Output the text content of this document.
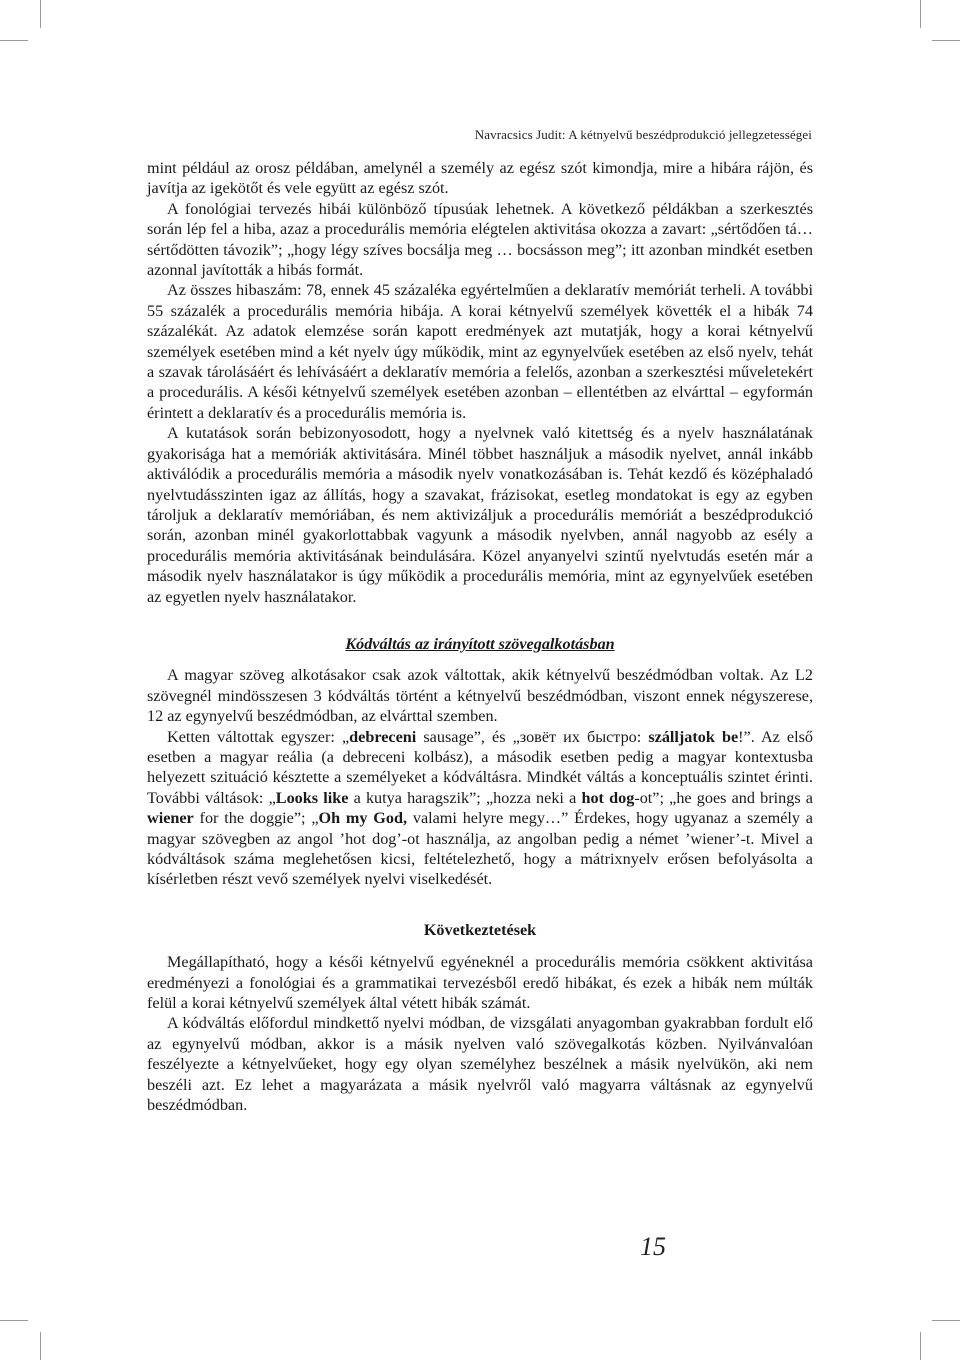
Navracsics Judit: A kétnyelvű beszédprodukció jellegzetességei

mint például az orosz példában, amelynél a személy az egész szót kimondja, mire a hibára rájön, és javítja az igekötőt és vele együtt az egész szót.

A fonológiai tervezés hibái különböző típusúak lehetnek. A következő példákban a szerkesztés során lép fel a hiba, azaz a procedurális memória elégtelen aktivitása okozza a zavart: „sértődően tá… sértődötten távozik”; „hogy légy szíves bocsálja meg … bocsásson meg”; itt azonban mindkét esetben azonnal javították a hibás formát.

Az összes hibaszám: 78, ennek 45 százaléka egyértelműen a deklaratív memóriát terheli. A további 55 százalék a procedurális memória hibája. A korai kétnyelvű személyek követték el a hibák 74 százalékát. Az adatok elemzése során kapott eredmények azt mutatják, hogy a korai kétnyelvű személyek esetében mind a két nyelv úgy működik, mint az egynyelvűek esetében az első nyelv, tehát a szavak tárolásáért és lehívásáért a deklaratív memória a felelős, azonban a szerkesztési műveletekért a procedurális. A késői kétnyelvű személyek esetében azonban – ellentétben az elvárttal – egyformán érintett a deklaratív és a procedurális memória is.

A kutatások során bebizonyosodott, hogy a nyelvnek való kitettség és a nyelv használatának gyakorisága hat a memóriák aktivitására. Minél többet használjuk a második nyelvet, annál inkább aktiválódik a procedurális memória a második nyelv vonatkozásában is. Tehát kezdő és középhaladó nyelvtudásszinten igaz az állítás, hogy a szavakat, frázisokat, esetleg mondatokat is egy az egyben tároljuk a deklaratív memóriában, és nem aktivizáljuk a procedurális memóriát a beszédprodukció során, azonban minél gyakorlottabbak vagyunk a második nyelvben, annál nagyobb az esély a procedurális memória aktivitásának beindulására. Közel anyanyelvi szintű nyelvtudás esetén már a második nyelv használatakor is úgy működik a procedurális memória, mint az egynyelvűek esetében az egyetlen nyelv használatakor.

Kódváltás az irányított szövegalkotásban

A magyar szöveg alkotásakor csak azok váltottak, akik kétnyelvű beszédmódban voltak. Az L2 szövegnél mindösszesen 3 kódváltás történt a kétnyelvű beszédmódban, viszont ennek négyszerese, 12 az egynyelvű beszédmódban, az elvárttal szemben.

Ketten váltottak egyszer: „debreceni sausage”, és „зовёт их быстро: szálljatok be!”. Az első esetben a magyar reália (a debreceni kolbász), a második esetben pedig a magyar kontextusba helyezett szituáció késztette a személyeket a kódváltásra. Mindkét váltás a konceptuális szintet érinti. További váltások: „Looks like a kutya haragszik”; „hozza neki a hot dog-ot”; „he goes and brings a wiener for the doggie”; „Oh my God, valami helyre megy…” Érdekes, hogy ugyanaz a személy a magyar szövegben az angol ’hot dog’-ot használja, az angolban pedig a német ’wiener’-t. Mivel a kódváltások száma meglehetősen kicsi, feltételezhető, hogy a mátrixnyelv erősen befolyásolta a kísérletben részt vevő személyek nyelvi viselkedését.

Következtetések

Megállapítható, hogy a késői kétnyelvű egyéneknél a procedurális memória csökkent aktivitása eredményezi a fonológiai és a grammatikai tervezésből eredő hibákat, és ezek a hibák nem múlták felül a korai kétnyelvű személyek által vétett hibák számát.

A kódváltás előfordul mindkettő nyelvi módban, de vizsgálati anyagomban gyakrabban fordult elő az egynyelvű módban, akkor is a másik nyelven való szövegalkotás közben. Nyilvánvalóan feszélyezte a kétnyelvűeket, hogy egy olyan személyhez beszélnek a másik nyelvükön, aki nem beszéli azt. Ez lehet a magyarázata a másik nyelvről való magyarra váltásnak az egynyelvű beszédmódban.

15
